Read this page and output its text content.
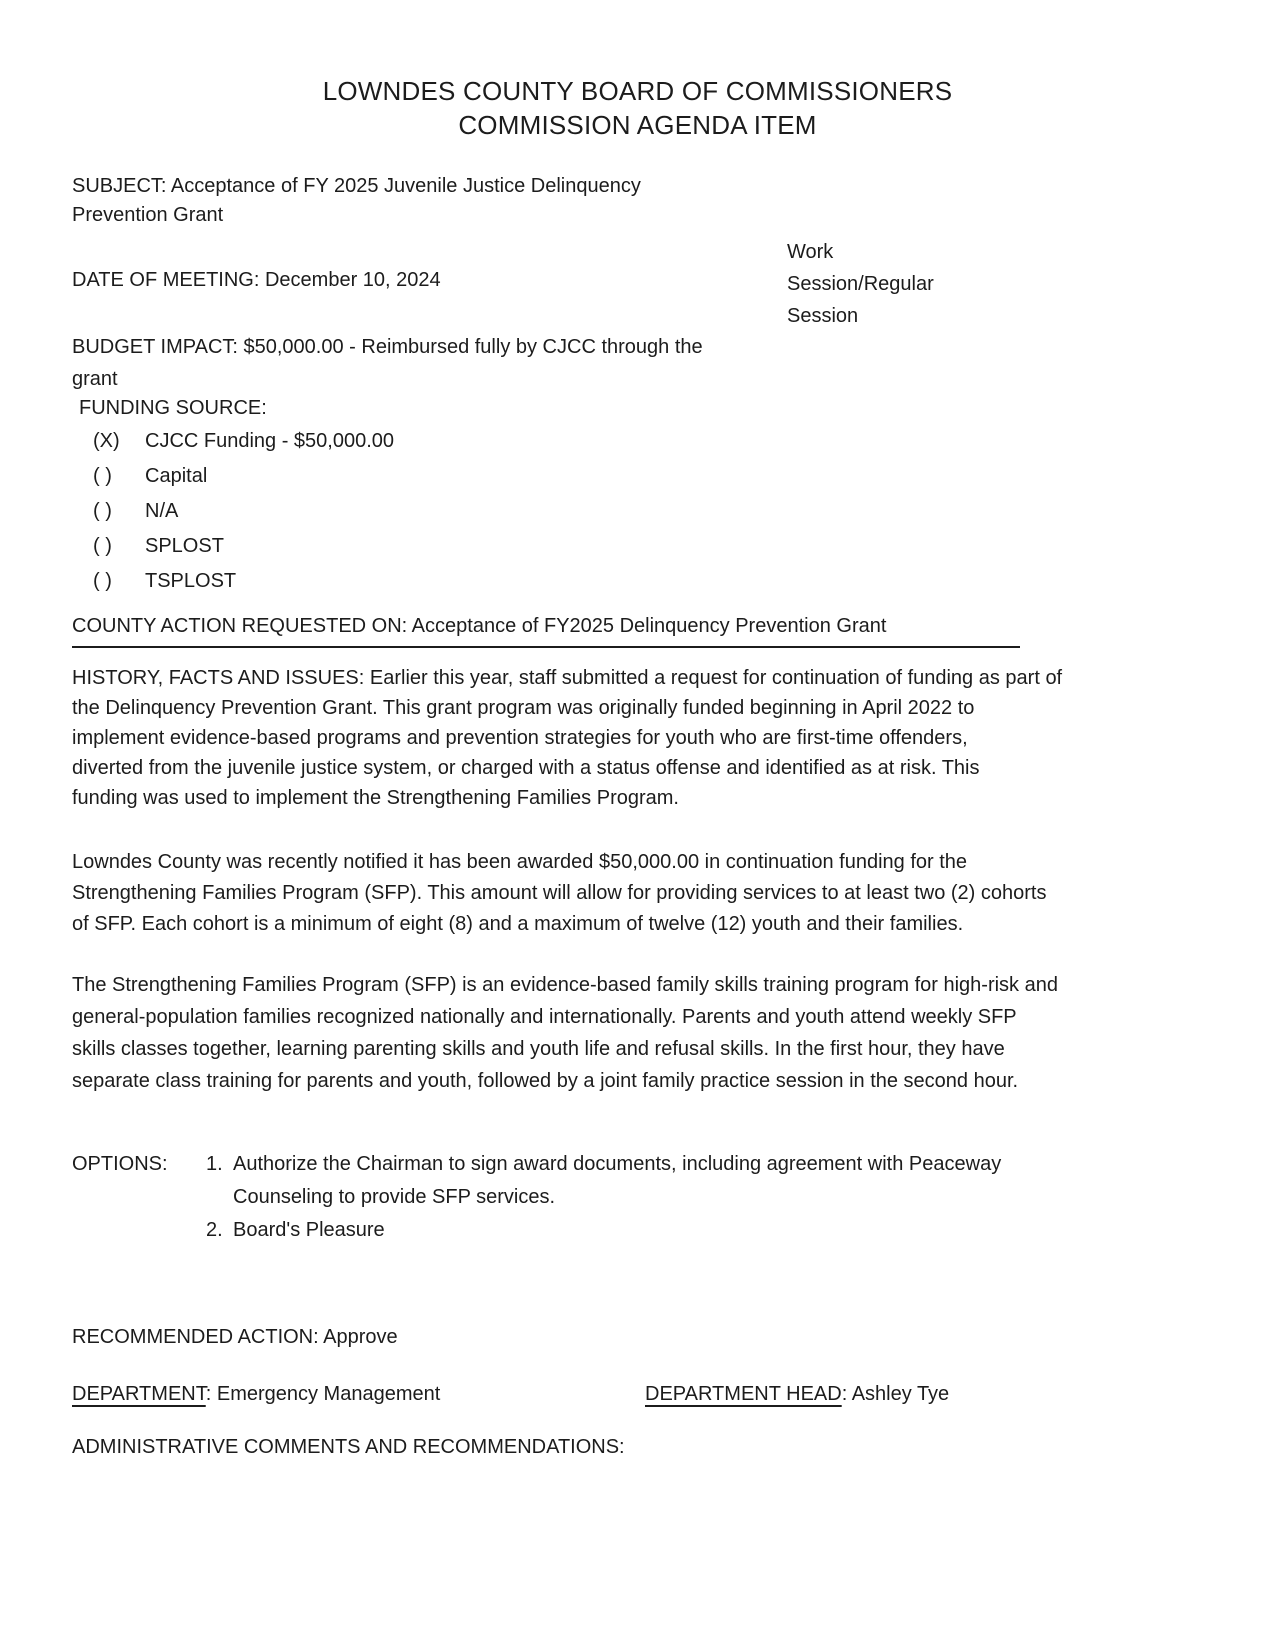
LOWNDES COUNTY BOARD OF COMMISSIONERS
COMMISSION AGENDA ITEM
SUBJECT: Acceptance of FY 2025 Juvenile Justice Delinquency
Prevention Grant
Work
Session/Regular
Session
DATE OF MEETING: December 10, 2024
BUDGET IMPACT: $50,000.00 - Reimbursed fully by CJCC through the
grant
FUNDING SOURCE:
(X)	CJCC Funding - $50,000.00
( )	Capital
( )	N/A
( )	SPLOST
( )	TSPLOST
COUNTY ACTION REQUESTED ON: Acceptance of FY2025 Delinquency Prevention Grant
HISTORY, FACTS AND ISSUES: Earlier this year, staff submitted a request for continuation of funding as part of
the Delinquency Prevention Grant. This grant program was originally funded beginning in April 2022 to
implement evidence-based programs and prevention strategies for youth who are first-time offenders,
diverted from the juvenile justice system, or charged with a status offense and identified as at risk. This
funding was used to implement the Strengthening Families Program.
Lowndes County was recently notified it has been awarded $50,000.00 in continuation funding for the
Strengthening Families Program (SFP). This amount will allow for providing services to at least two (2) cohorts
of SFP. Each cohort is a minimum of eight (8) and a maximum of twelve (12) youth and their families.
The Strengthening Families Program (SFP) is an evidence-based family skills training program for high-risk and
general-population families recognized nationally and internationally. Parents and youth attend weekly SFP
skills classes together, learning parenting skills and youth life and refusal skills. In the first hour, they have
separate class training for parents and youth, followed by a joint family practice session in the second hour.
OPTIONS: 1. Authorize the Chairman to sign award documents, including agreement with Peaceway
Counseling to provide SFP services.
2. Board's Pleasure
RECOMMENDED ACTION: Approve
DEPARTMENT: Emergency Management	DEPARTMENT HEAD: Ashley Tye
ADMINISTRATIVE COMMENTS AND RECOMMENDATIONS:
